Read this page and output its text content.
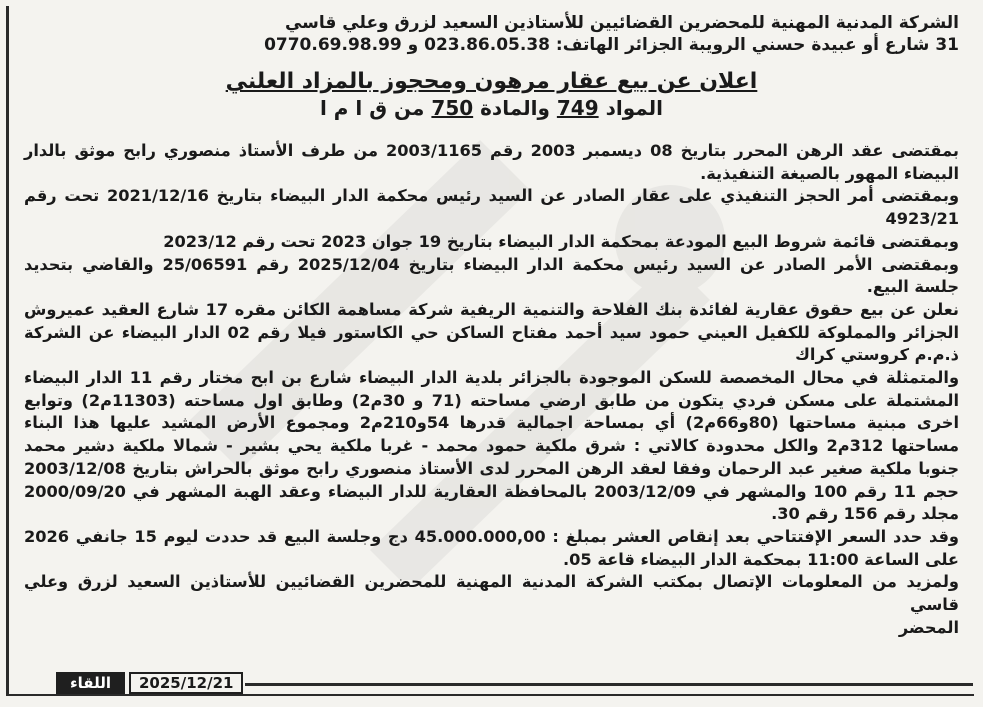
الشركة المدنية المهنية للمحضرين القضائيين للأستاذين السعيد لزرق وعلي قاسي

31 شارع أو عبيدة حسني الرويبة الجزائر الهاتف: 023.86.05.38 و 0770.69.98.99

اعلان عن بيع عقار مرهون ومحجوز بالمزاد العلني

المواد 749 والمادة 750 من ق ا م ا

بمقتضى عقد الرهن المحرر بتاريخ 08 ديسمبر 2003 رقم 2003/1165 من طرف الأستاذ منصوري رابح موثق بالدار البيضاء المهور بالصيغة التنفيذية.

وبمقتضى أمر الحجز التنفيذي على عقار الصادر عن السيد رئيس محكمة الدار البيضاء بتاريخ 2021/12/16 تحت رقم 4923/21

وبمقتضى قائمة شروط البيع المودعة بمحكمة الدار البيضاء بتاريخ 19 جوان 2023 تحت رقم 2023/12

وبمقتضى الأمر الصادر عن السيد رئيس محكمة الدار البيضاء بتاريخ 2025/12/04 رقم 25/06591 والقاضي بتحديد جلسة البيع.

نعلن عن بيع حقوق عقارية لفائدة بنك الفلاحة والتنمية الريفية شركة مساهمة الكائن مقره 17 شارع العقيد عميروش الجزائر والمملوكة للكفيل العيني حمود سيد أحمد مفتاح الساكن حي الكاستور فيلا رقم 02 الدار البيضاء عن الشركة ذ.م.م كروستي كراك

والمتمثلة في محال المخصصة للسكن الموجودة بالجزائر بلدية الدار البيضاء شارع بن ابح مختار رقم 11 الدار البيضاء المشتملة على مسكن فردي يتكون من طابق ارضي مساحته (71 و 30م2) وطابق اول مساحته (11303م2) وتوابع اخرى مبنية مساحتها (80و66م2) أي بمساحة اجمالية قدرها 54و210م2 ومجموع الأرض المشيد عليها هذا البناء مساحتها 312م2 والكل محدودة كالاتي : شرق ملكية حمود محمد - غربا ملكية يحي بشير - شمالا ملكية دشير محمد جنوبا ملكية صغير عبد الرحمان وفقا لعقد الرهن المحرر لدى الأستاذ منصوري رابح موثق بالحراش بتاريخ 2003/12/08 حجم 11 رقم 100 والمشهر في 2003/12/09 بالمحافظة العقارية للدار البيضاء وعقد الهبة المشهر في 2000/09/20 مجلد رقم 156 رقم 30.

وقد حدد السعر الإفتتاحي بعد إنقاص العشر بمبلغ : 45.000.000,00 دج وجلسة البيع قد حددت ليوم 15 جانفي 2026 على الساعة 11:00 بمحكمة الدار البيضاء قاعة 05.

ولمزيد من المعلومات الإتصال بمكتب الشركة المدنية المهنية للمحضرين القضائيين للأستاذين السعيد لزرق وعلي قاسي

المحضر

اللقاء	2025/12/21
